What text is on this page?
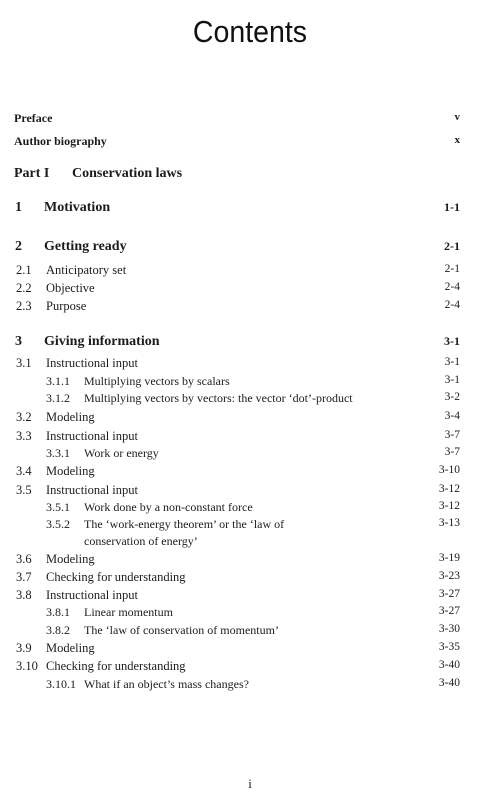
Contents
Preface	v
Author biography	x
Part I Conservation laws
1 Motivation	1-1
2 Getting ready	2-1
2.1 Anticipatory set	2-1
2.2 Objective	2-4
2.3 Purpose	2-4
3 Giving information	3-1
3.1 Instructional input	3-1
3.1.1 Multiplying vectors by scalars	3-1
3.1.2 Multiplying vectors by vectors: the vector ‘dot’-product	3-2
3.2 Modeling	3-4
3.3 Instructional input	3-7
3.3.1 Work or energy	3-7
3.4 Modeling	3-10
3.5 Instructional input	3-12
3.5.1 Work done by a non-constant force	3-12
3.5.2 The ‘work-energy theorem’ or the ‘law of	3-13
conservation of energy’
3.6 Modeling	3-19
3.7 Checking for understanding	3-23
3.8 Instructional input	3-27
3.8.1 Linear momentum	3-27
3.8.2 The ‘law of conservation of momentum’	3-30
3.9 Modeling	3-35
3.10 Checking for understanding	3-40
3.10.1 What if an object’s mass changes?	3-40
i
